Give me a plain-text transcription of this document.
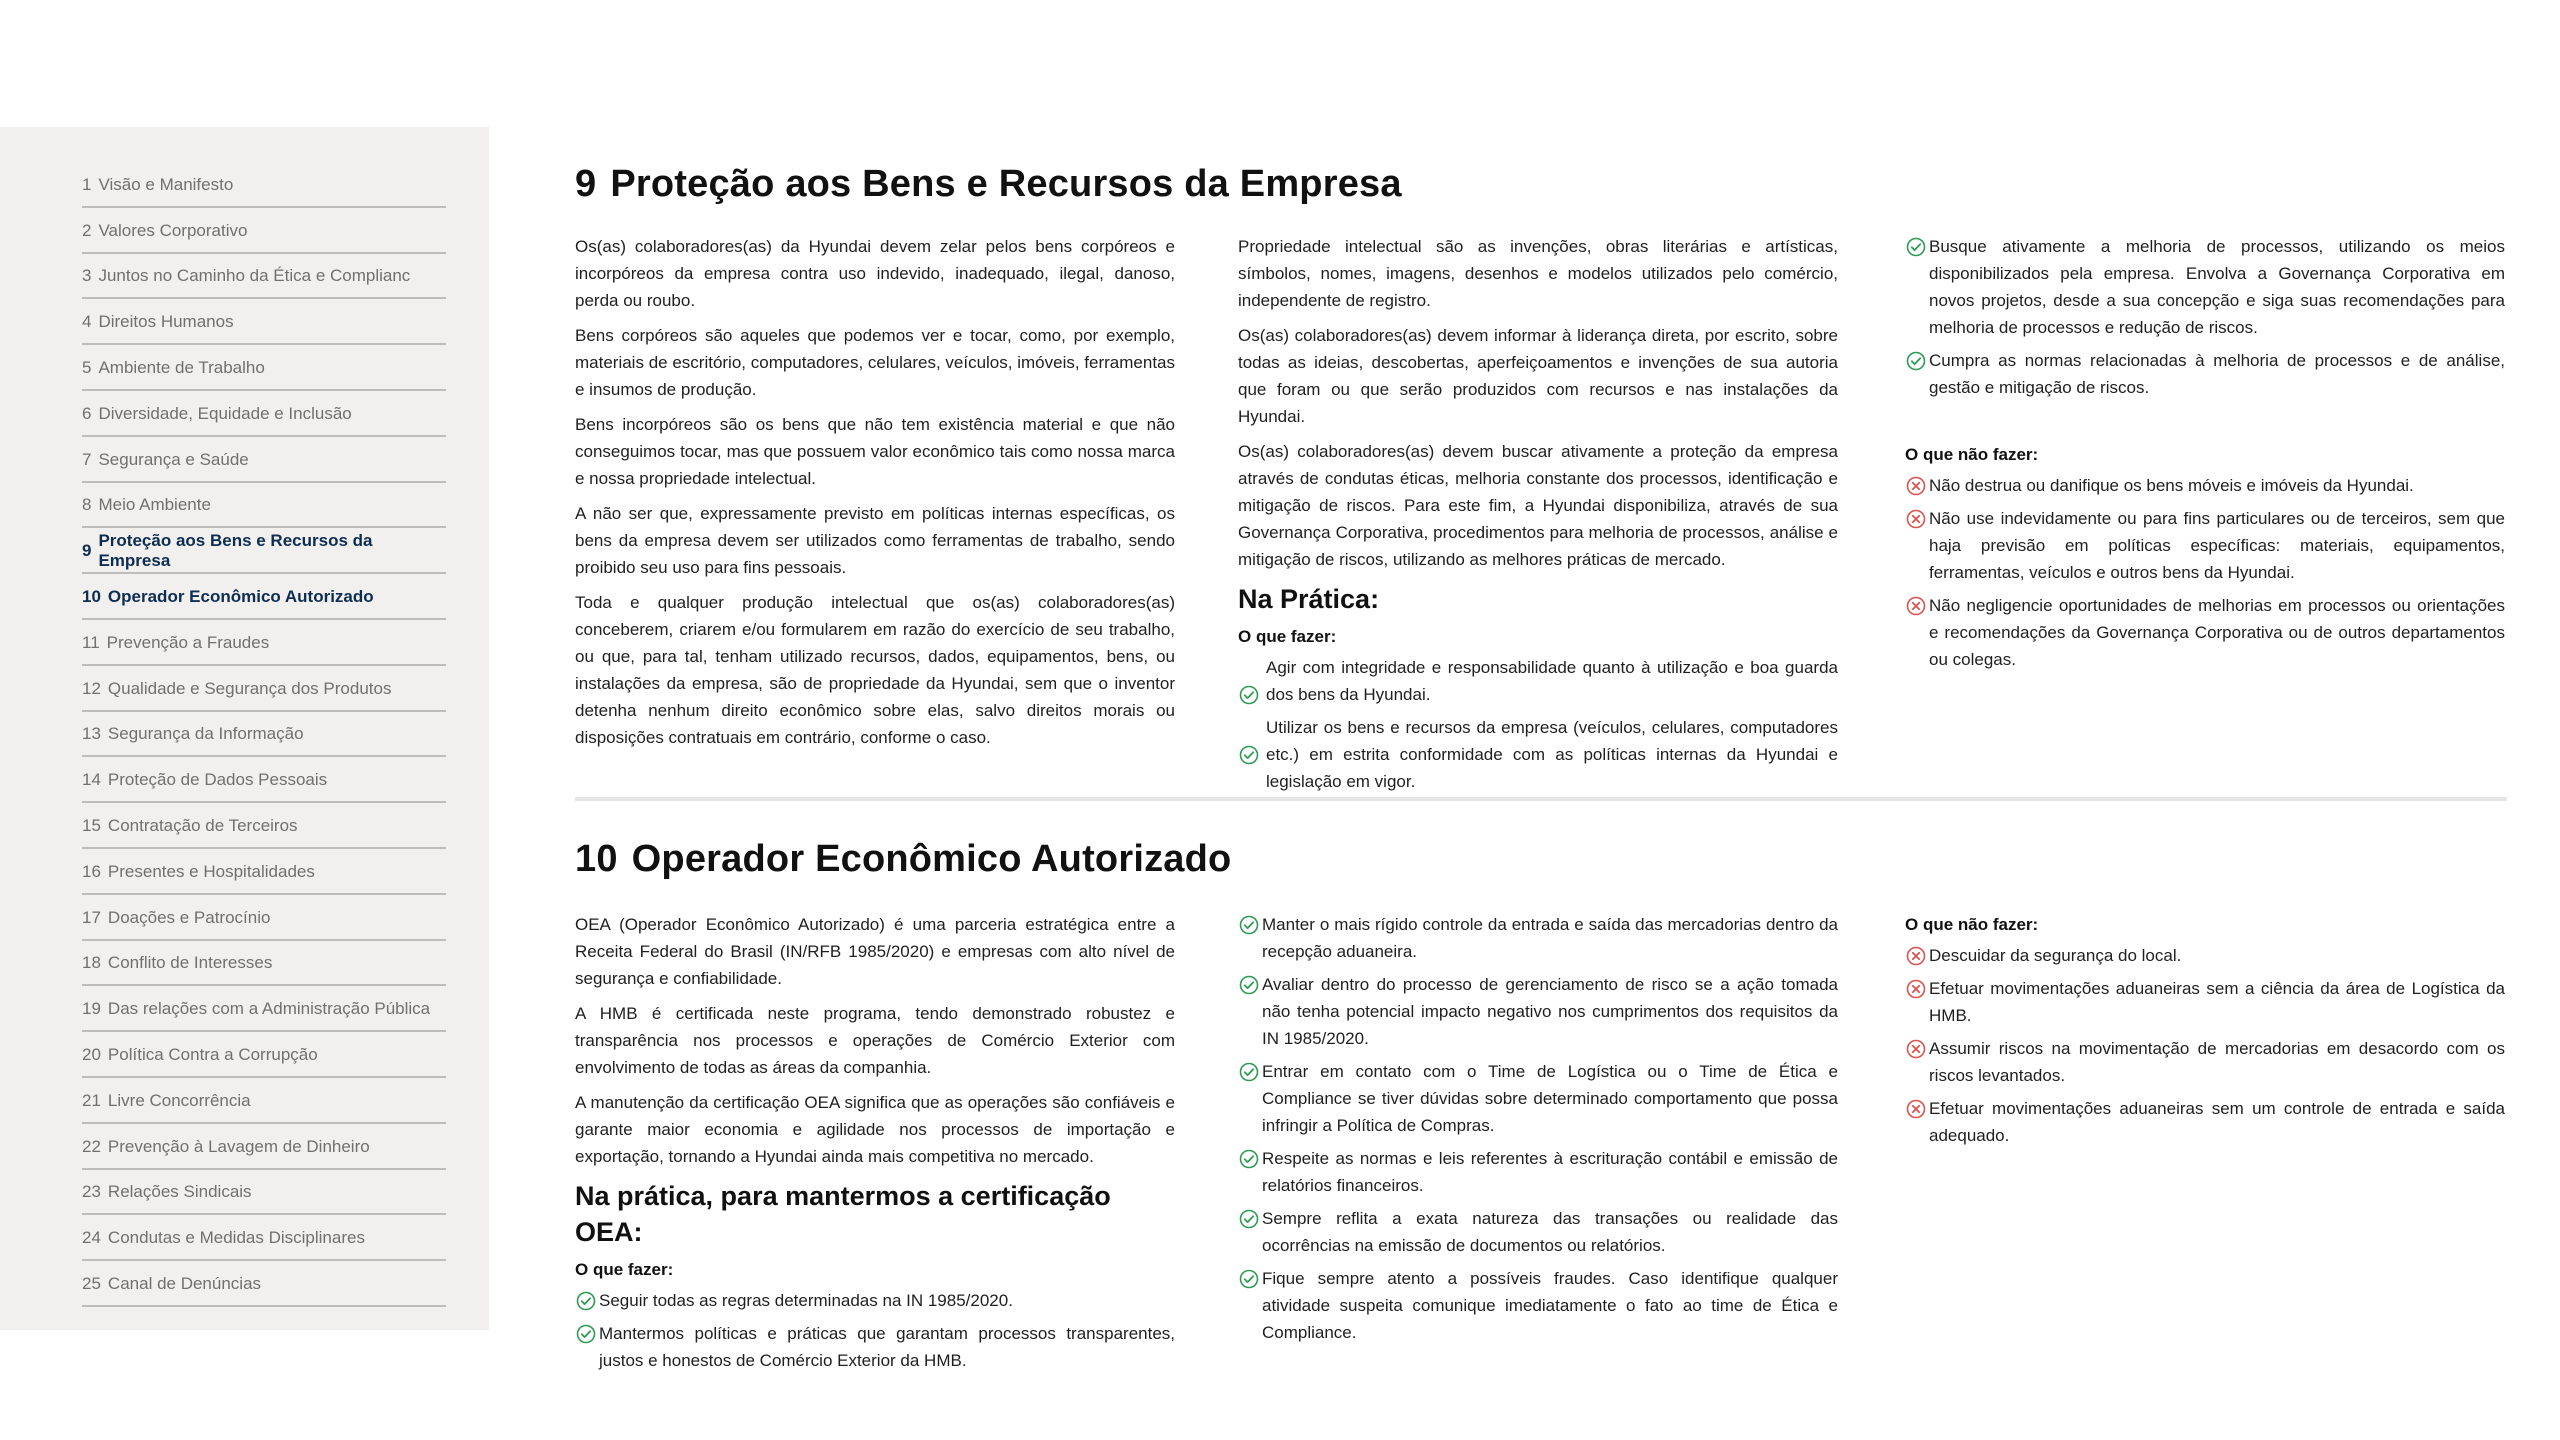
1 Visão e Manifesto
2 Valores Corporativo
3 Juntos no Caminho da Ética e Complianc
4 Direitos Humanos
5 Ambiente de Trabalho
6 Diversidade, Equidade e Inclusão
7 Segurança e Saúde
8 Meio Ambiente
9
Proteção aos Bens e Recursos da Empresa
10 Operador Econômico Autorizado
11 Prevenção a Fraudes
12 Qualidade e Segurança dos Produtos
13 Segurança da Informação
14 Proteção de Dados Pessoais
15 Contratação de Terceiros
16 Presentes e Hospitalidades
17 Doações e Patrocínio
18 Conflito de Interesses
19 Das relações com a Administração Pública
20 Política Contra a Corrupção
21 Livre Concorrência
22 Prevenção à Lavagem de Dinheiro
23 Relações Sindicais
24 Condutas e Medidas Disciplinares
25 Canal de Denúncias
9 Proteção aos Bens e Recursos da Empresa

Os(as) colaboradores(as) da Hyundai devem zelar pelos bens corpóreos e incorpóreos da empresa contra uso indevido, inadequado, ilegal, danoso, perda ou roubo.

Bens corpóreos são aqueles que podemos ver e tocar, como, por exemplo, materiais de escritório, computadores, celulares, veículos, imóveis, ferramentas e insumos de produção.

Bens incorpóreos são os bens que não tem existência material e que não conseguimos tocar, mas que possuem valor econômico tais como nossa marca e nossa propriedade intelectual.

A não ser que, expressamente previsto em políticas internas específicas, os bens da empresa devem ser utilizados como ferramentas de trabalho, sendo proibido seu uso para fins pessoais.

Toda e qualquer produção intelectual que os(as) colaboradores(as) conceberem, criarem e/ou formularem em razão do exercício de seu trabalho, ou que, para tal, tenham utilizado recursos, dados, equipamentos, bens, ou instalações da empresa, são de propriedade da Hyundai, sem que o inventor detenha nenhum direito econômico sobre elas, salvo direitos morais ou disposições contratuais em contrário, conforme o caso.

Propriedade intelectual são as invenções, obras literárias e artísticas, símbolos, nomes, imagens, desenhos e modelos utilizados pelo comércio, independente de registro.

Os(as) colaboradores(as) devem informar à liderança direta, por escrito, sobre todas as ideias, descobertas, aperfeiçoamentos e invenções de sua autoria que foram ou que serão produzidos com recursos e nas instalações da Hyundai.

Os(as) colaboradores(as) devem buscar ativamente a proteção da empresa através de condutas éticas, melhoria constante dos processos, identificação e mitigação de riscos. Para este fim, a Hyundai disponibiliza, através de sua Governança Corporativa, procedimentos para melhoria de processos, análise e mitigação de riscos, utilizando as melhores práticas de mercado.

Na Prática:
O que fazer:
Agir com integridade e responsabilidade quanto à utilização e boa guarda dos bens da Hyundai.
Utilizar os bens e recursos da empresa (veículos, celulares, computadores etc.) em estrita conformidade com as políticas internas da Hyundai e legislação em vigor.
Busque ativamente a melhoria de processos, utilizando os meios disponibilizados pela empresa. Envolva a Governança Corporativa em novos projetos, desde a sua concepção e siga suas recomendações para melhoria de processos e redução de riscos.
Cumpra as normas relacionadas à melhoria de processos e de análise, gestão e mitigação de riscos.
O que não fazer:
Não destrua ou danifique os bens móveis e imóveis da Hyundai.
Não use indevidamente ou para fins particulares ou de terceiros, sem que haja previsão em políticas específicas: materiais, equipamentos, ferramentas, veículos e outros bens da Hyundai.
Não negligencie oportunidades de melhorias em processos ou orientações e recomendações da Governança Corporativa ou de outros departamentos ou colegas.
10 Operador Econômico Autorizado

OEA (Operador Econômico Autorizado) é uma parceria estratégica entre a Receita Federal do Brasil (IN/RFB 1985/2020) e empresas com alto nível de segurança e confiabilidade.

A HMB é certificada neste programa, tendo demonstrado robustez e transparência nos processos e operações de Comércio Exterior com envolvimento de todas as áreas da companhia.

A manutenção da certificação OEA significa que as operações são confiáveis e garante maior economia e agilidade nos processos de importação e exportação, tornando a Hyundai ainda mais competitiva no mercado.

Na prática, para mantermos a certificação OEA:
O que fazer:
Seguir todas as regras determinadas na IN 1985/2020.
Mantermos políticas e práticas que garantam processos transparentes, justos e honestos de Comércio Exterior da HMB.
Manter o mais rígido controle da entrada e saída das mercadorias dentro da recepção aduaneira.
Avaliar dentro do processo de gerenciamento de risco se a ação tomada não tenha potencial impacto negativo nos cumprimentos dos requisitos da IN 1985/2020.
Entrar em contato com o Time de Logística ou o Time de Ética e Compliance se tiver dúvidas sobre determinado comportamento que possa infringir a Política de Compras.
Respeite as normas e leis referentes à escrituração contábil e emissão de relatórios financeiros.
Sempre reflita a exata natureza das transações ou realidade das ocorrências na emissão de documentos ou relatórios.
Fique sempre atento a possíveis fraudes. Caso identifique qualquer atividade suspeita comunique imediatamente o fato ao time de Ética e Compliance.
O que não fazer:
Descuidar da segurança do local.
Efetuar movimentações aduaneiras sem a ciência da área de Logística da HMB.
Assumir riscos na movimentação de mercadorias em desacordo com os riscos levantados.
Efetuar movimentações aduaneiras sem um controle de entrada e saída adequado.
